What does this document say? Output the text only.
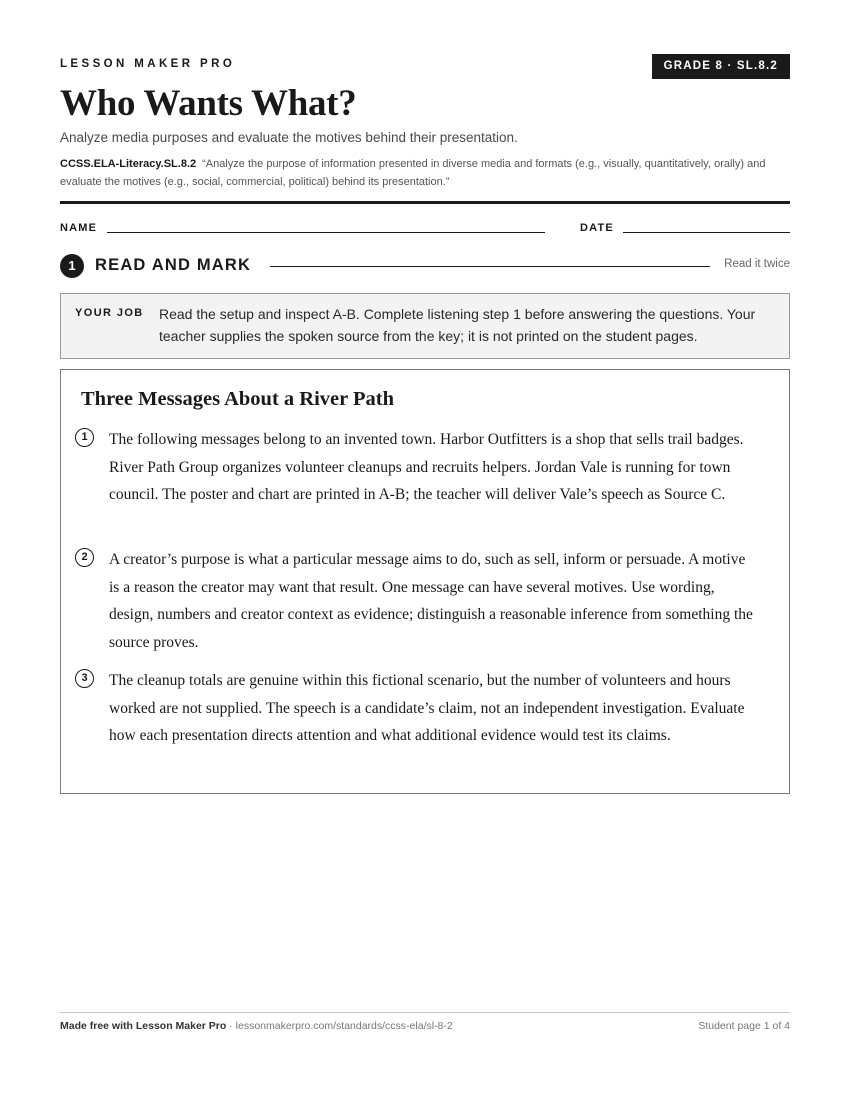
LESSON MAKER PRO	GRADE 8 · SL.8.2
Who Wants What?
Analyze media purposes and evaluate the motives behind their presentation.
CCSS.ELA-Literacy.SL.8.2 “Analyze the purpose of information presented in diverse media and formats (e.g., visually, quantitatively, orally) and evaluate the motives (e.g., social, commercial, political) behind its presentation.”
NAME	DATE
1	READ AND MARK	Read it twice
YOUR JOB Read the setup and inspect A-B. Complete listening step 1 before answering the questions. Your teacher supplies the spoken source from the key; it is not printed on the student pages.
Three Messages About a River Path
1	The following messages belong to an invented town. Harbor Outfitters is a shop that sells trail badges. River Path Group organizes volunteer cleanups and recruits helpers. Jordan Vale is running for town council. The poster and chart are printed in A-B; the teacher will deliver Vale’s speech as Source C.
2	A creator’s purpose is what a particular message aims to do, such as sell, inform or persuade. A motive is a reason the creator may want that result. One message can have several motives. Use wording, design, numbers and creator context as evidence; distinguish a reasonable inference from something the source proves.
3	The cleanup totals are genuine within this fictional scenario, but the number of volunteers and hours worked are not supplied. The speech is a candidate’s claim, not an independent investigation. Evaluate how each presentation directs attention and what additional evidence would test its claims.
Made free with Lesson Maker Pro · lessonmakerpro.com/standards/ccss-ela/sl-8-2	Student page 1 of 4
